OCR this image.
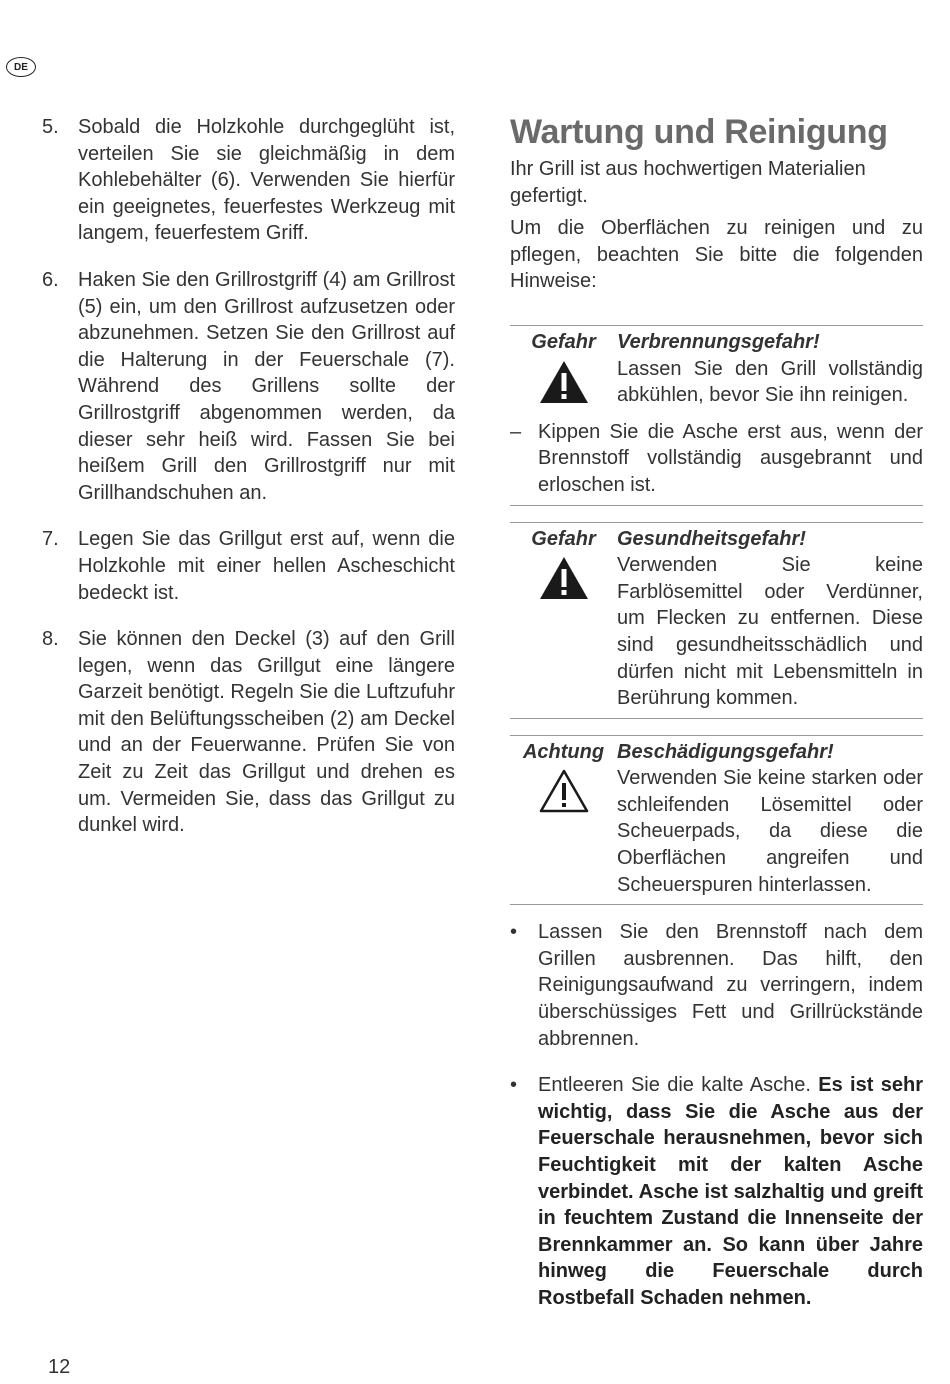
DE
5. Sobald die Holzkohle durchgeglüht ist, verteilen Sie sie gleichmäßig in dem Kohlebehälter (6). Verwenden Sie hierfür ein geeignetes, feuerfestes Werkzeug mit langem, feuerfestem Griff.
6. Haken Sie den Grillrostgriff (4) am Grillrost (5) ein, um den Grillrost aufzusetzen oder abzunehmen. Setzen Sie den Grillrost auf die Halterung in der Feuerschale (7). Während des Grillens sollte der Grillrostgriff abgenommen werden, da dieser sehr heiß wird. Fassen Sie bei heißem Grill den Grillrostgriff nur mit Grillhandschuhen an.
7. Legen Sie das Grillgut erst auf, wenn die Holzkohle mit einer hellen Ascheschicht bedeckt ist.
8. Sie können den Deckel (3) auf den Grill legen, wenn das Grillgut eine längere Garzeit benötigt. Regeln Sie die Luftzufuhr mit den Belüftungsscheiben (2) am Deckel und an der Feuerwanne. Prüfen Sie von Zeit zu Zeit das Grillgut und drehen es um. Vermeiden Sie, dass das Grillgut zu dunkel wird.
Wartung und Reinigung

Ihr Grill ist aus hochwertigen Materialien gefertigt.

Um die Oberflächen zu reinigen und zu pflegen, beachten Sie bitte die folgenden Hinweise:

Gefahr Verbrennungsgefahr!
Lassen Sie den Grill vollständig abkühlen, bevor Sie ihn reinigen.
– Kippen Sie die Asche erst aus, wenn der Brennstoff vollständig ausgebrannt und erloschen ist.
Gefahr Gesundheitsgefahr!
Verwenden Sie keine Farblösemittel oder Verdünner, um Flecken zu entfernen. Diese sind gesundheitsschädlich und dürfen nicht mit Lebensmitteln in Berührung kommen.
Achtung Beschädigungsgefahr!
Verwenden Sie keine starken oder schleifenden Lösemittel oder Scheuerpads, da diese die Oberflächen angreifen und Scheuerspuren hinterlassen.
•	Lassen Sie den Brennstoff nach dem Grillen ausbrennen. Das hilft, den Reinigungsaufwand zu verringern, indem überschüssiges Fett und Grillrückstände abbrennen.
•	Entleeren Sie die kalte Asche. Es ist sehr wichtig, dass Sie die Asche aus der Feuerschale herausnehmen, bevor sich Feuchtigkeit mit der kalten Asche verbindet. Asche ist salzhaltig und greift in feuchtem Zustand die Innenseite der Brennkammer an. So kann über Jahre hinweg die Feuerschale durch Rostbefall Schaden nehmen.
12
